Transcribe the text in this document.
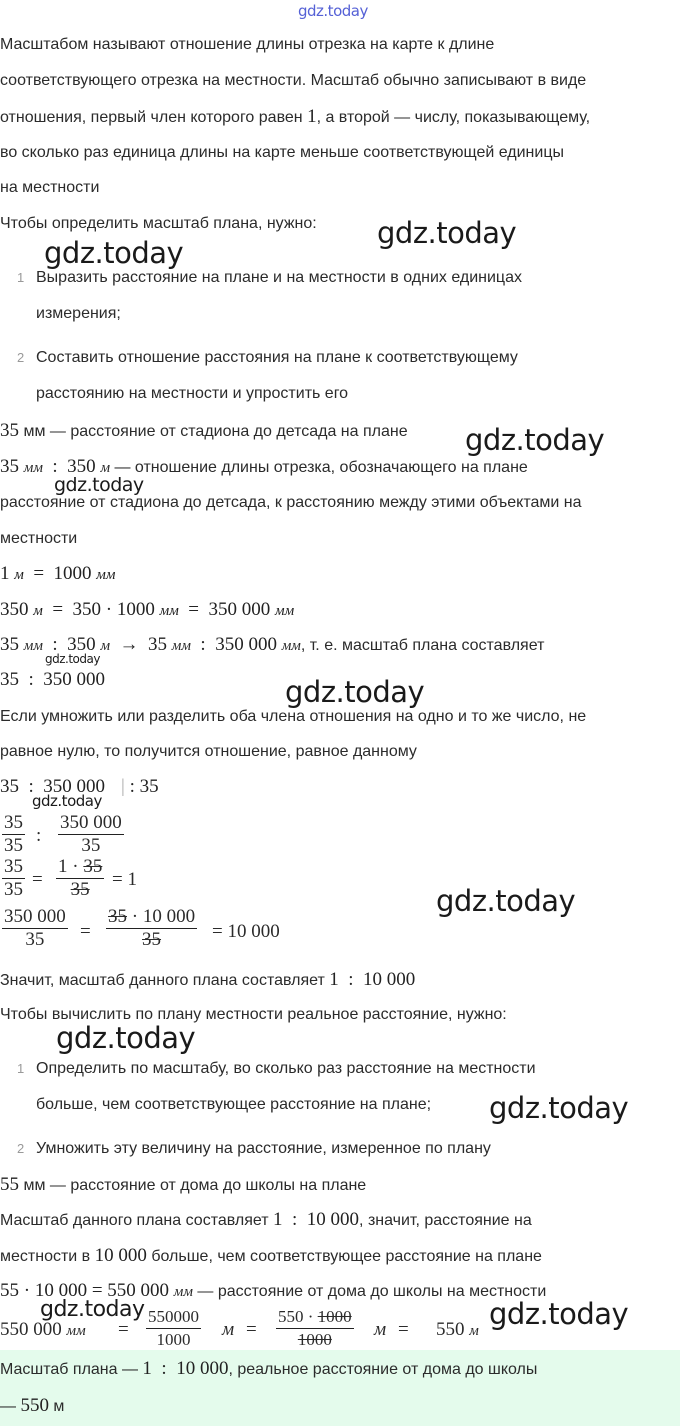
gdz.today
Масштабом называют отношение длины отрезка на карте к длине
соответствующего отрезка на местности. Масштаб обычно записывают в виде
отношения, первый член которого равен 1, а второй — числу, показывающему,
во сколько раз единица длины на карте меньше соответствующей единицы
на местности
Чтобы определить масштаб плана, нужно:
gdz.today
gdz.today
1 Выразить расстояние на плане и на местности в одних единицах
измерения;
2 Составить отношение расстояния на плане к соответствующему
расстоянию на местности и упростить его
35 мм — расстояние от стадиона до детсада на плане gdz.today
35 мм  :  350 м — отношение длины отрезка, обозначающего на плане
gdz.today
расстояние от стадиона до детсада, к расстоянию между этими объектами на
местности
1 м  =  1000 мм
350 м  =  350 · 1000 мм  =  350 000 мм
35 мм  :  350 м  →  35 мм  :  350 000 мм, т. е. масштаб плана составляет
gdz.today
35  :  350 000	gdz.today
Если умножить или разделить оба члена отношения на одно и то же число, не
равное нулю, то получится отношение, равное данному
35  :  350 000 | : 35
gdz.today
$\frac{35}{35}$ : $\frac{350 000}{35}$
$\frac{35}{35} = \frac{1 \cdot 35}{35} = 1$
$\frac{350 000}{35} = \frac{35 \cdot 10 000}{35} = 10$ 000
gdz.today
Значит, масштаб данного плана составляет 1  :  10 000
Чтобы вычислить по плану местности реальное расстояние, нужно:
gdz.today
1 Определить по масштабу, во сколько раз расстояние на местности
больше, чем соответствующее расстояние на плане; gdz.today
2 Умножить эту величину на расстояние, измеренное по плану
55 мм — расстояние от дома до школы на плане
Масштаб данного плана составляет 1  :  10 000, значит, расстояние на
местности в 10 000 больше, чем соответствующее расстояние на плане
55 · 10 000 = 550 000 мм — расстояние от дома до школы на местности
gdz.today
550 000 мм = $\frac{550000}{1000}$ $м = \frac{550 \cdot 1000}{1000}$ м = 550 м gdz.today
Масштаб плана — 1  :  10 000, реальное расстояние от дома до школы
— 550 м
